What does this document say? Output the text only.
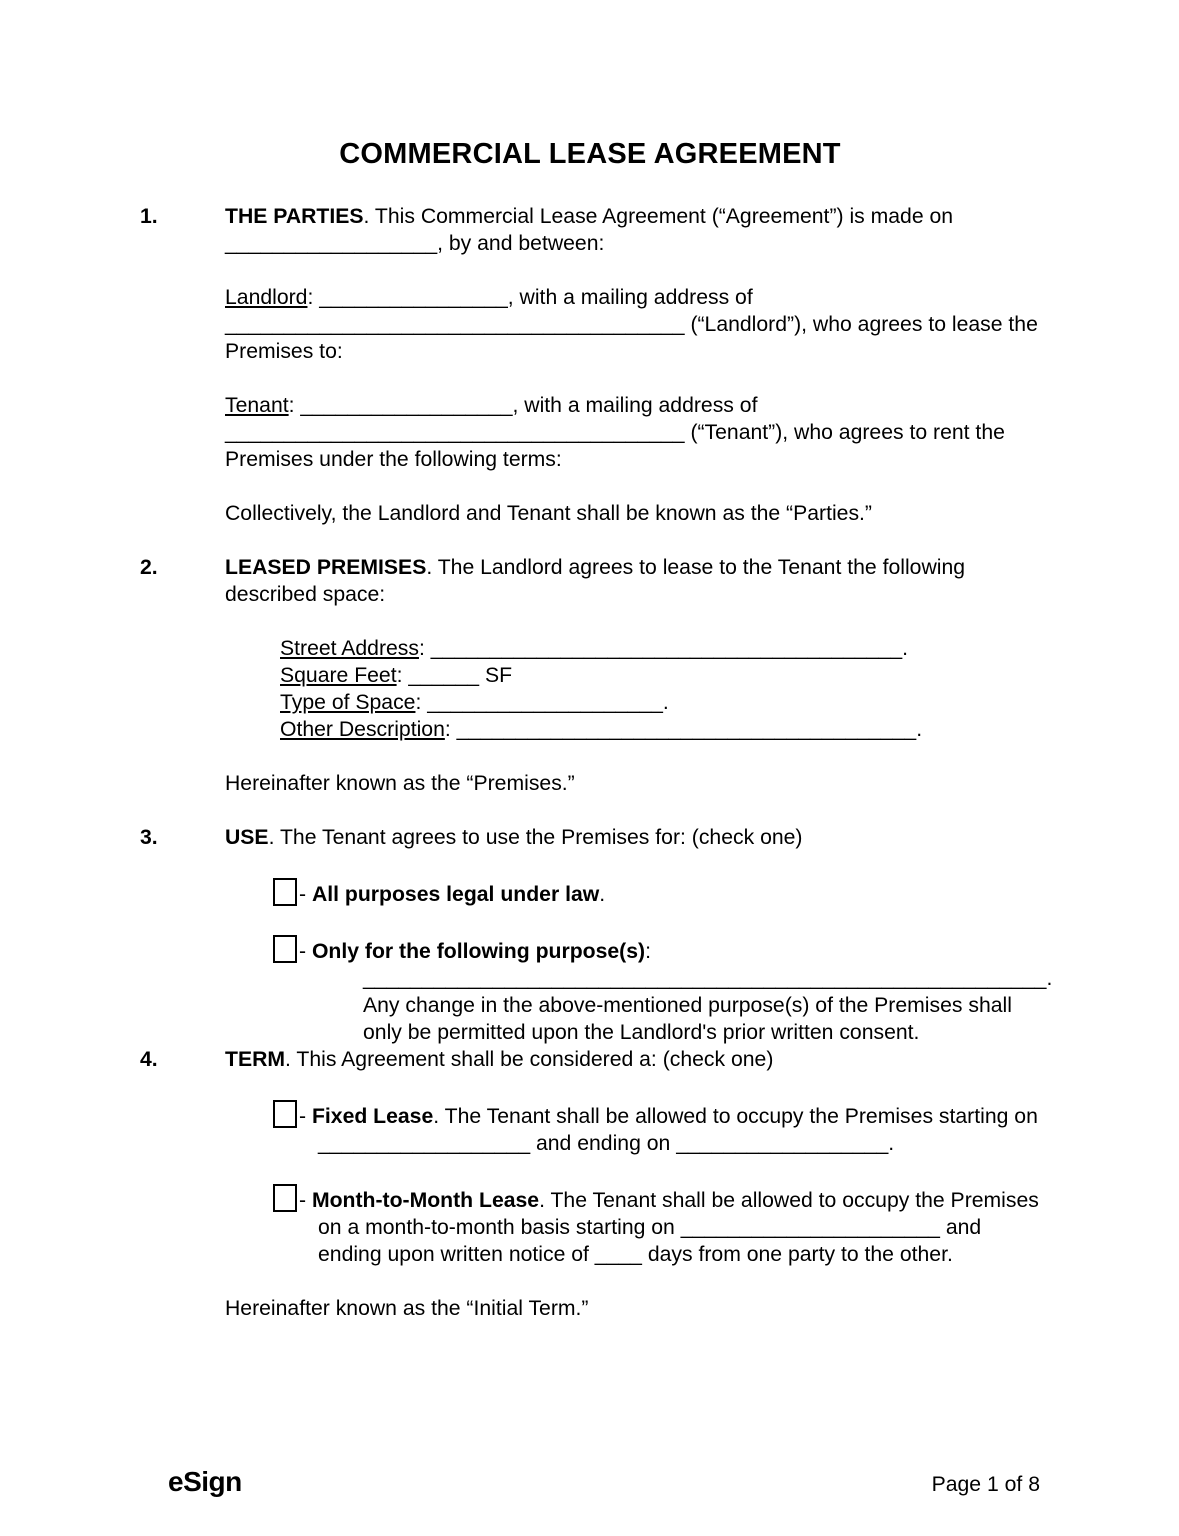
COMMERCIAL LEASE AGREEMENT
1.	THE PARTIES. This Commercial Lease Agreement (“Agreement”) is made on __________________, by and between:

Landlord: ________________, with a mailing address of _______________________________________ (“Landlord”), who agrees to lease the Premises to:

Tenant: __________________, with a mailing address of _______________________________________ (“Tenant”), who agrees to rent the Premises under the following terms:

Collectively, the Landlord and Tenant shall be known as the “Parties.”

2.	LEASED PREMISES. The Landlord agrees to lease to the Tenant the following described space:

Street Address: ________________________________________.

Square Feet: ______ SF

Type of Space: ____________________.

Other Description: _______________________________________.

Hereinafter known as the “Premises.”

3.	USE. The Tenant agrees to use the Premises for: (check one)

- All purposes legal under law.

- Only for the following purpose(s):
__________________________________________________________.
Any change in the above-mentioned purpose(s) of the Premises shall only be permitted upon the Landlord's prior written consent.
4.	TERM. This Agreement shall be considered a: (check one)

- Fixed Lease. The Tenant shall be allowed to occupy the Premises starting on __________________ and ending on __________________.

- Month-to-Month Lease. The Tenant shall be allowed to occupy the Premises on a month-to-month basis starting on ______________________ and ending upon written notice of ____ days from one party to the other.

Hereinafter known as the “Initial Term.”

eSign	Page 1 of 8
